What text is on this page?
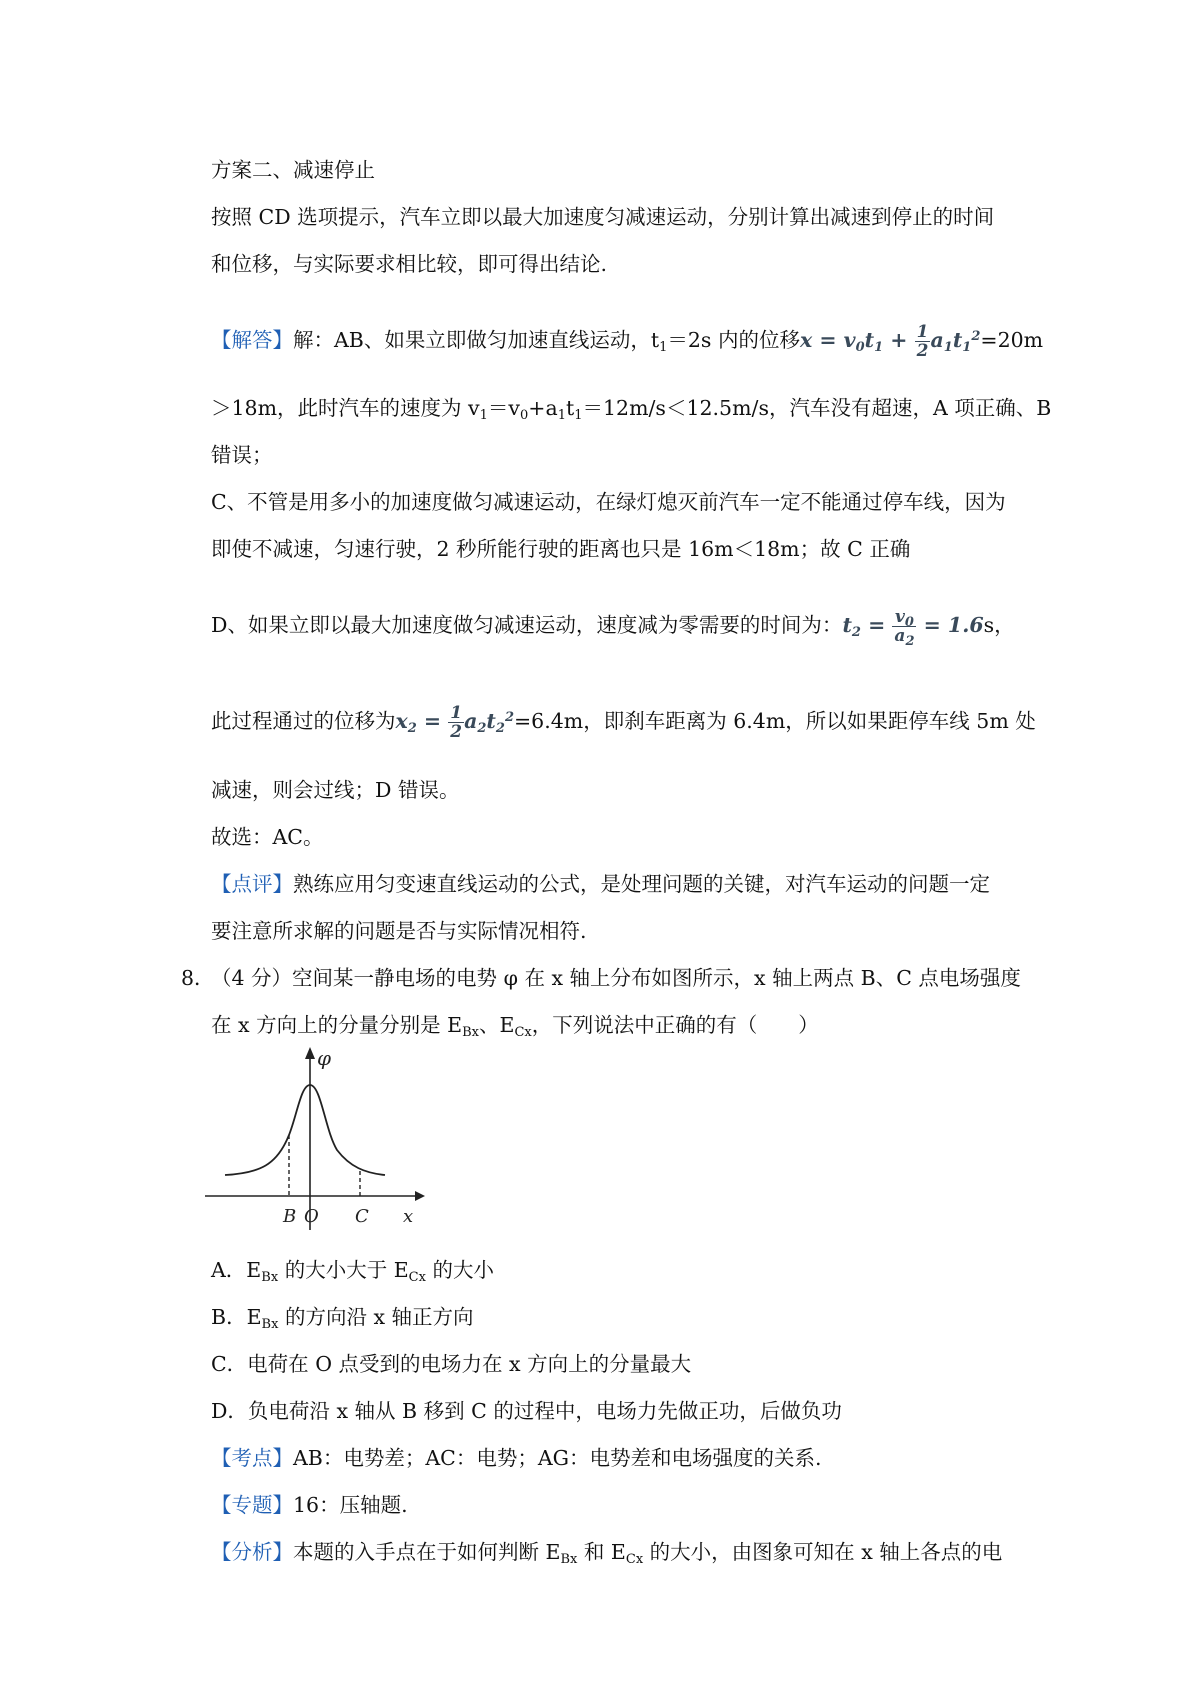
方案二、减速停止
按照 CD 选项提示，汽车立即以最大加速度匀减速运动，分别计算出减速到停止的时间
和位移，与实际要求相比较，即可得出结论.
【解答】解：AB、如果立即做匀加速直线运动，$t_1=2s$ 内的位移$x = v_0t_1 + \frac{1}{2} a_1t_1^2=20m$
＞18m，此时汽车的速度为 $v_1=v_0+a_1t_1=12m/s<12.5m/s$，汽车没有超速，A 项正确、B
错误；
C、不管是用多小的加速度做匀减速运动，在绿灯熄灭前汽车一定不能通过停车线，因为
即使不减速，匀速行驶，2 秒所能行驶的距离也只是 16m＜18m；故 C 正确
D、如果立即以最大加速度做匀减速运动，速度减为零需要的时间为：$t_2 = \frac{v_0}{a_2} = 1.6s$，
此过程通过的位移为$x_2 = \frac{1}{2} a_2t_2^2=6.4m$，即刹车距离为 6.4m，所以如果距停车线 5m 处
减速，则会过线；D 错误。
故选：AC。
【点评】熟练应用匀变速直线运动的公式，是处理问题的关键，对汽车运动的问题一定
要注意所求解的问题是否与实际情况相符.
8．
（4 分）空间某一静电场的电势 φ 在 x 轴上分布如图所示，x 轴上两点 B、C 点电场强度
在 x 方向上的分量分别是 $E_{Bx}$、$E_{Cx}$，下列说法中正确的有（　　）
φ
B O C x
A．$E_{Bx}$ 的大小大于 $E_{Cx}$ 的大小
B．$E_{Bx}$ 的方向沿 x 轴正方向
C．电荷在 O 点受到的电场力在 x 方向上的分量最大
D．负电荷沿 x 轴从 B 移到 C 的过程中，电场力先做正功，后做负功
【考点】AB：电势差；AC：电势；AG：电势差和电场强度的关系.
【专题】16：压轴题.
【分析】本题的入手点在于如何判断 $E_{Bx}$ 和 $E_{Cx}$ 的大小，由图象可知在 x 轴上各点的电
